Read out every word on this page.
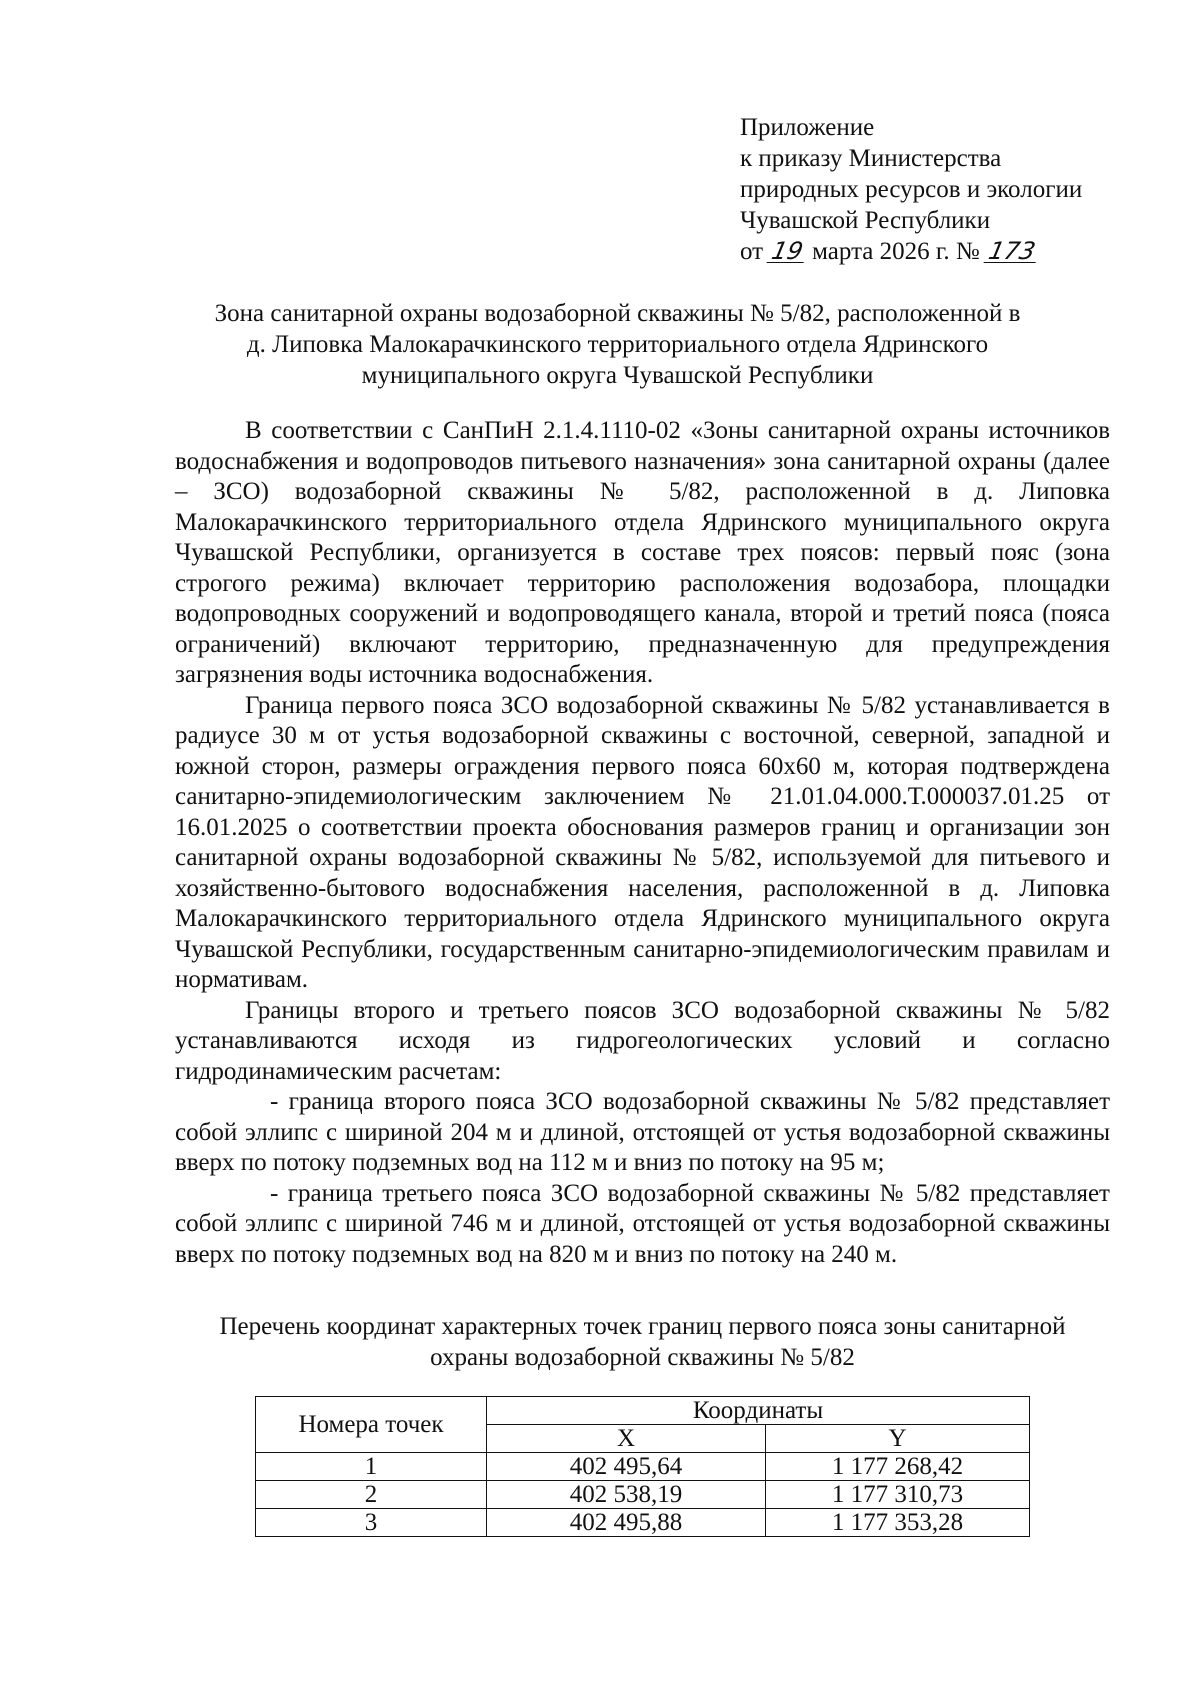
Приложение
к приказу Министерства
природных ресурсов и экологии
Чувашской Республики
от 19 марта 2026 г. № 173
Зона санитарной охраны водозаборной скважины № 5/82, расположенной в
д. Липовка Малокарачкинского территориального отдела Ядринского
муниципального округа Чувашской Республики

В соответствии с СанПиН 2.1.4.1110-02 «Зоны санитарной охраны источников водоснабжения и водопроводов питьевого назначения» зона санитарной охраны (далее – ЗСО) водозаборной скважины № 5/82, расположенной в д. Липовка Малокарачкинского территориального отдела Ядринского муниципального округа Чувашской Республики, организуется в составе трех поясов: первый пояс (зона строгого режима) включает территорию расположения водозабора, площадки водопроводных сооружений и водопроводящего канала, второй и третий пояса (пояса ограничений) включают территорию, предназначенную для предупреждения загрязнения воды источника водоснабжения.

Граница первого пояса ЗСО водозаборной скважины № 5/82 устанавливается в радиусе 30 м от устья водозаборной скважины с восточной, северной, западной и южной сторон, размеры ограждения первого пояса 60х60 м, которая подтверждена санитарно-эпидемиологическим заключением № 21.01.04.000.Т.000037.01.25 от 16.01.2025 о соответствии проекта обоснования размеров границ и организации зон санитарной охраны водозаборной скважины № 5/82, используемой для питьевого и хозяйственно-бытового водоснабжения населения, расположенной в д. Липовка Малокарачкинского территориального отдела Ядринского муниципального округа Чувашской Республики, государственным санитарно-эпидемиологическим правилам и нормативам.

Границы второго и третьего поясов ЗСО водозаборной скважины № 5/82 устанавливаются исходя из гидрогеологических условий и согласно гидродинамическим расчетам:

- граница второго пояса ЗСО водозаборной скважины № 5/82 представляет собой эллипс с шириной 204 м и длиной, отстоящей от устья водозаборной скважины вверх по потоку подземных вод на 112 м и вниз по потоку на 95 м;

- граница третьего пояса ЗСО водозаборной скважины № 5/82 представляет собой эллипс с шириной 746 м и длиной, отстоящей от устья водозаборной скважины вверх по потоку подземных вод на 820 м и вниз по потоку на 240 м.

Перечень координат характерных точек границ первого пояса зоны санитарной
охраны водозаборной скважины № 5/82
Номера точек	Координаты	
	X	Y
1	402 495,64	1 177 268,42
2	402 538,19	1 177 310,73
3	402 495,88	1 177 353,28
